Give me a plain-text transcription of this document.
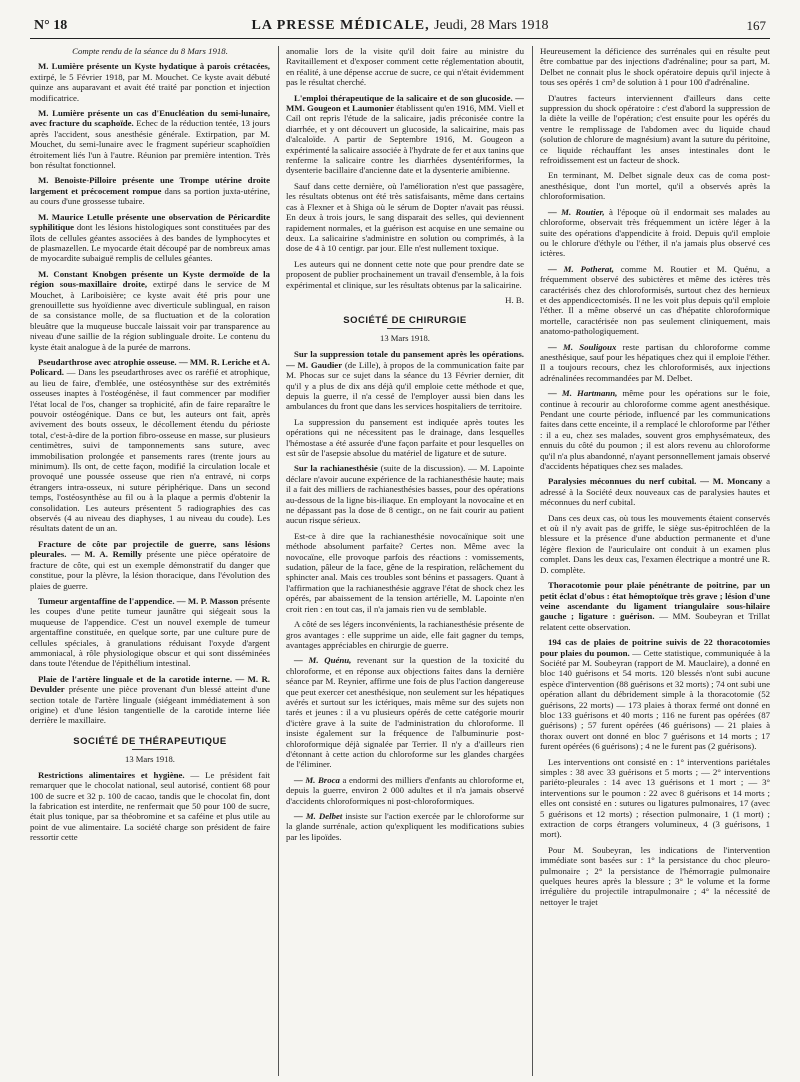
N° 18	LA PRESSE MÉDICALE, Jeudi, 28 Mars 1918	167

Compte rendu de la séance du 8 Mars 1918.

M. Lumière présente un Kyste hydatique à parois crétacées, extirpé, le 5 Février 1918, par M. Mouchet. Ce kyste avait débuté quinze ans auparavant et avait été traité par ponction et injection modificatrice.

M. Lumière présente un cas d'Enucléation du semi-lunaire, avec fracture du scaphoïde. Echec de la réduction tentée, 13 jours après l'accident, sous anesthésie générale. Extirpation, par M. Mouchet, du semi-lunaire avec le fragment supérieur scaphoïdien étroitement liés l'un à l'autre. Réunion par première intention. Très bon résultat fonctionnel.

M. Benoiste-Pilloire présente une Trompe utérine droite largement et précocement rompue dans sa portion juxta-utérine, au cours d'une grossesse tubaire.

M. Maurice Letulle présente une observation de Péricardite syphilitique dont les lésions histologiques sont constituées par des îlots de cellules géantes associées à des bandes de lymphocytes et de plasmazellen. Le myocarde était découpé par de nombreux amas de myocardite subaiguë remplis de cellules géantes.

M. Constant Knobgen présente un Kyste dermoïde de la région sous-maxillaire droite, extirpé dans le service de M Mouchet, à Lariboisière; ce kyste avait été pris pour une grenouillette sus hyoïdienne avec diverticule sublingual, en raison de sa consistance molle, de sa fluctuation et de la coloration bleuâtre que la muqueuse buccale laissait voir par transparence au niveau d'une saillie de la région sublinguale droite. Le contenu du kyste était analogue à de la purée de marrons.

Pseudarthrose avec atrophie osseuse. — MM. R. Leriche et A. Policard. — Dans les pseudarthroses avec os raréfié et atrophique, au lieu de faire, d'emblée, une ostéosynthèse sur des extrémités osseuses inaptes à l'ostéogénèse, il faut commencer par modifier l'état local de l'os, changer sa trophicité, afin de faire reparaître le pouvoir ostéogénique. Dans ce but, les auteurs ont fait, après avivement des bouts osseux, le décollement étendu du périoste total, c'est-à-dire de la portion fibro-osseuse en masse, sur plusieurs centimètres, suivi de tamponnements sans suture, avec immobilisation prolongée et pansements rares (trente jours au minimum). Ils ont, de cette façon, modifié la circulation locale et provoqué une poussée osseuse que rien n'a entravé, ni corps étrangers intra-osseux, ni suture périphérique. Dans un second temps, l'ostéosynthèse au fil ou à la plaque a permis d'obtenir la consolidation. Les auteurs présentent 5 radiographies des cas observés (4 au niveau des diaphyses, 1 au niveau du coude). Les résultats datent de un an.

Fracture de côte par projectile de guerre, sans lésions pleurales. — M. A. Remilly présente une pièce opératoire de fracture de côte, qui est un exemple démonstratif du danger que constitue, pour la plèvre, la lésion thoracique, dans l'évolution des plaies de guerre.

Tumeur argentaffine de l'appendice. — M. P. Masson présente les coupes d'une petite tumeur jaunâtre qui siégeait sous la muqueuse de l'appendice. C'est un nouvel exemple de tumeur argentaffine constituée, en quelque sorte, par une culture pure de cellules spéciales, à granulations réduisant l'oxyde d'argent ammoniacal, à rôle physiologique obscur et qui sont disséminées dans toute l'étendue de l'épithélium intestinal.

Plaie de l'artère linguale et de la carotide interne. — M. R. Devulder présente une pièce provenant d'un blessé atteint d'une section totale de l'artère linguale (siégeant immédiatement à son origine) et d'une lésion tangentielle de la carotide interne liée derrière le maxillaire.

SOCIÉTÉ DE THÉRAPEUTIQUE
13 Mars 1918.

Restrictions alimentaires et hygiène. — Le président fait remarquer que le chocolat national, seul autorisé, contient 68 pour 100 de sucre et 32 p. 100 de cacao, tandis que le chocolat fin, dont la fabrication est interdite, ne renfermait que 50 pour 100 de sucre, était plus tonique, par sa théobromine et sa caféine et plus utile au point de vue alimentaire. La société charge son président de faire ressortir cette

anomalie lors de la visite qu'il doit faire au ministre du Ravitaillement et d'exposer comment cette réglementation aboutit, en réalité, à une dépense accrue de sucre, ce qui n'était évidemment pas le résultat cherché.

L'emploi thérapeutique de la salicaire et de son glucoside. — MM. Gougeon et Laumonier établissent qu'en 1916, MM. Viell et Caïl ont repris l'étude de la salicaire, jadis préconisée contre la diarrhée, et y ont découvert un glucoside, la salicairine, mais pas d'alcaloïde. A partir de Septembre 1916, M. Gougeon a expérimenté la salicaire associée à l'hydrate de fer et aux tanins que renferme la salicaire contre les diarrhées dysentériformes, la dysenterie bacillaire d'ancienne date et la dysenterie amibienne.

Sauf dans cette dernière, où l'amélioration n'est que passagère, les résultats obtenus ont été très satisfaisants, même dans certains cas à Flexner et à Shiga où le sérum de Dopter n'avait pas réussi. En deux à trois jours, le sang disparait des selles, qui deviennent rapidement normales, et la guérison est acquise en une semaine ou deux. La salicairine s'administre en solution ou comprimés, à la dose de 4 à 10 centigr. par jour. Elle n'est nullement toxique.

Les auteurs qui ne donnent cette note que pour prendre date se proposent de publier prochainement un travail d'ensemble, à la fois expérimental et clinique, sur les résultats obtenus par la salicairine.

H. B.

SOCIÉTÉ DE CHIRURGIE
13 Mars 1918.

Sur la suppression totale du pansement après les opérations. — M. Gaudier (de Lille), à propos de la communication faite par M. Phocas sur ce sujet dans la séance du 13 Février dernier, dit qu'il y a plus de dix ans déjà qu'il emploie cette méthode et que, depuis la guerre, il n'a cessé de l'employer aussi bien dans les ambulances du front que dans les services hospitaliers de territoire.

La suppression du pansement est indiquée après toutes les opérations qui ne nécessitent pas le drainage, dans lesquelles l'hémostase a été assurée d'une façon parfaite et pour lesquelles on est sûr de l'asepsie absolue du matériel de ligature et de suture.

Sur la rachianesthésie (suite de la discussion). — M. Lapointe déclare n'avoir aucune expérience de la rachianesthésie haute; mais il a fait des milliers de rachianesthésies basses, pour des opérations au-dessous de la ligne bis-iliaque. En employant la novocaïne et en ne dépassant pas la dose de 8 centigr., on ne fait courir au patient aucun risque sérieux.

Est-ce à dire que la rachianesthésie novocaïnique soit une méthode absolument parfaite? Certes non. Même avec la novocaïne, elle provoque parfois des réactions : vomissements, sudation, pâleur de la face, gêne de la respiration, relâchement du sphincter anal. Mais ces troubles sont bénins et passagers. Quant à l'affirmation que la rachianesthésie aggrave l'état de shock chez les opérés, par abaissement de la tension artérielle, M. Lapointe n'en croit rien : en tout cas, il n'a jamais rien vu de semblable.

A côté de ses légers inconvénients, la rachianesthésie présente de gros avantages : elle supprime un aide, elle fait gagner du temps, avantages appréciables en chirurgie de guerre.

— M. Quénu, revenant sur la question de la toxicité du chloroforme, et en réponse aux objections faites dans la dernière séance par M. Reynier, affirme une fois de plus l'action dangereuse que peut exercer cet anesthésique, non seulement sur les hépatiques avérés et surtout sur les ictériques, mais même sur des sujets non tarés et jeunes : il a vu plusieurs opérés de cette catégorie mourir d'ictère grave à la suite de l'administration du chloroforme. Il insiste également sur la fréquence de l'albuminurie post-chloroformique déjà signalée par Terrier. Il n'y a d'ailleurs rien d'étonnant à cette action du chloroforme sur les glandes chargées de l'éliminer.

— M. Broca a endormi des milliers d'enfants au chloroforme et, depuis la guerre, environ 2 000 adultes et il n'a jamais observé d'accidents chloroformiques ni post-chloroformiques.

— M. Delbet insiste sur l'action exercée par le chloroforme sur la glande surrénale, action qu'expliquent les modifications subies par les lipoïdes.

Heureusement la déficience des surrénales qui en résulte peut être combattue par des injections d'adrénaline; pour sa part, M. Delbet ne connait plus le shock opératoire depuis qu'il injecte à tous ses opérés 1 cm³ de solution à 1 pour 100 d'adrénaline.

D'autres facteurs interviennent d'ailleurs dans cette suppression du shock opératoire : c'est d'abord la suppression de la diète la veille de l'opération; c'est ensuite pour les opérés du ventre le remplissage de l'abdomen avec du liquide chaud (solution de chlorure de magnésium) avant la suture du péritoine, ce liquide réchauffant les anses intestinales dont le refroidissement est un facteur de shock.

En terminant, M. Delbet signale deux cas de coma post-anesthésique, dont l'un mortel, qu'il a observés après la chloroformisation.

— M. Routier, à l'époque où il endormait ses malades au chloroforme, observait très fréquemment un ictère léger à la suite des opérations d'appendicite à froid. Depuis qu'il emploie ou le chlorure d'éthyle ou l'éther, il n'a jamais plus observé ces ictères.

— M. Potherat, comme M. Routier et M. Quénu, a fréquemment observé des subictères et même des ictères très caractérisés chez des chloroformisés, surtout chez des hernieux et des appendicectomisés. Il ne les voit plus depuis qu'il emploie l'éther. Il a même observé un cas d'hépatite chloroformique mortelle, caractérisée non pas seulement cliniquement, mais anatomo-pathologiquement.

— M. Souligoux reste partisan du chloroforme comme anesthésique, sauf pour les hépatiques chez qui il emploie l'éther. Il a toujours recours, chez les chloroformisés, aux injections adrénalinées recommandées par M. Delbet.

— M. Hartmann, même pour les opérations sur le foie, continue à recourir au chloroforme comme agent anesthésique. Pendant une courte période, influencé par les communications faites dans cette enceinte, il a remplacé le chloroforme par l'éther : il a eu, chez ses malades, souvent gros emphysémateux, des ennuis du côté du poumon ; il est alors revenu au chloroforme qu'il n'a plus abandonné, n'ayant personnellement jamais observé d'accidents hépatiques chez ses malades.

Paralysies méconnues du nerf cubital. — M. Moncany a adressé à la Société deux nouveaux cas de paralysies hautes et méconnues du nerf cubital.

Dans ces deux cas, où tous les mouvements étaient conservés et où il n'y avait pas de griffe, le siège sus-épitrochléen de la blessure et la présence d'une abduction permanente et d'une légère flexion de l'auriculaire ont conduit à un examen plus complet. Dans les deux cas, l'examen électrique a montré une R. D. complète.

Thoracotomie pour plaie pénétrante de poitrine, par un petit éclat d'obus : état hémoptoïque très grave ; lésion d'une veine ascendante du ligament triangulaire sous-hilaire gauche ; ligature : guérison. — MM. Soubeyran et Trillat relatent cette observation.

194 cas de plaies de poitrine suivis de 22 thoracotomies pour plaies du poumon. — Cette statistique, communiquée à la Société par M. Soubeyran (rapport de M. Mauclaire), a donné en bloc 140 guérisons et 54 morts. 120 blessés n'ont subi aucune espèce d'intervention (88 guérisons et 32 morts) ; 74 ont subi une opération allant du débridement simple à la thoracotomie (52 guérisons, 22 morts) — 173 plaies à thorax fermé ont donné en bloc 133 guérisons et 40 morts ; 116 ne furent pas opérées (87 guérisons) ; 57 furent opérées (46 guérisons) — 21 plaies à thorax ouvert ont donné en bloc 7 guérisons et 14 morts ; 17 furent opérées (6 guérisons) ; 4 ne le furent pas (2 guérisons).

Les interventions ont consisté en : 1° interventions pariétales simples : 38 avec 33 guérisons et 5 morts ; — 2° interventions pariéto-pleurales : 14 avec 13 guérisons et 1 mort ; — 3° interventions sur le poumon : 22 avec 8 guérisons et 14 morts ; elles ont consisté en : sutures ou ligatures pulmonaires, 17 (avec 5 guérisons et 12 morts) ; résection pulmonaire, 1 (1 mort) ; extraction de corps étrangers volumineux, 4 (3 guérisons, 1 mort).

Pour M. Soubeyran, les indications de l'intervention immédiate sont basées sur : 1° la persistance du choc pleuro-pulmonaire ; 2° la persistance de l'hémorragie pulmonaire quelques heures après la blessure ; 3° le volume et la forme irrégulière du projectile intrapulmonaire ; 4° la nécessité de nettoyer le trajet
